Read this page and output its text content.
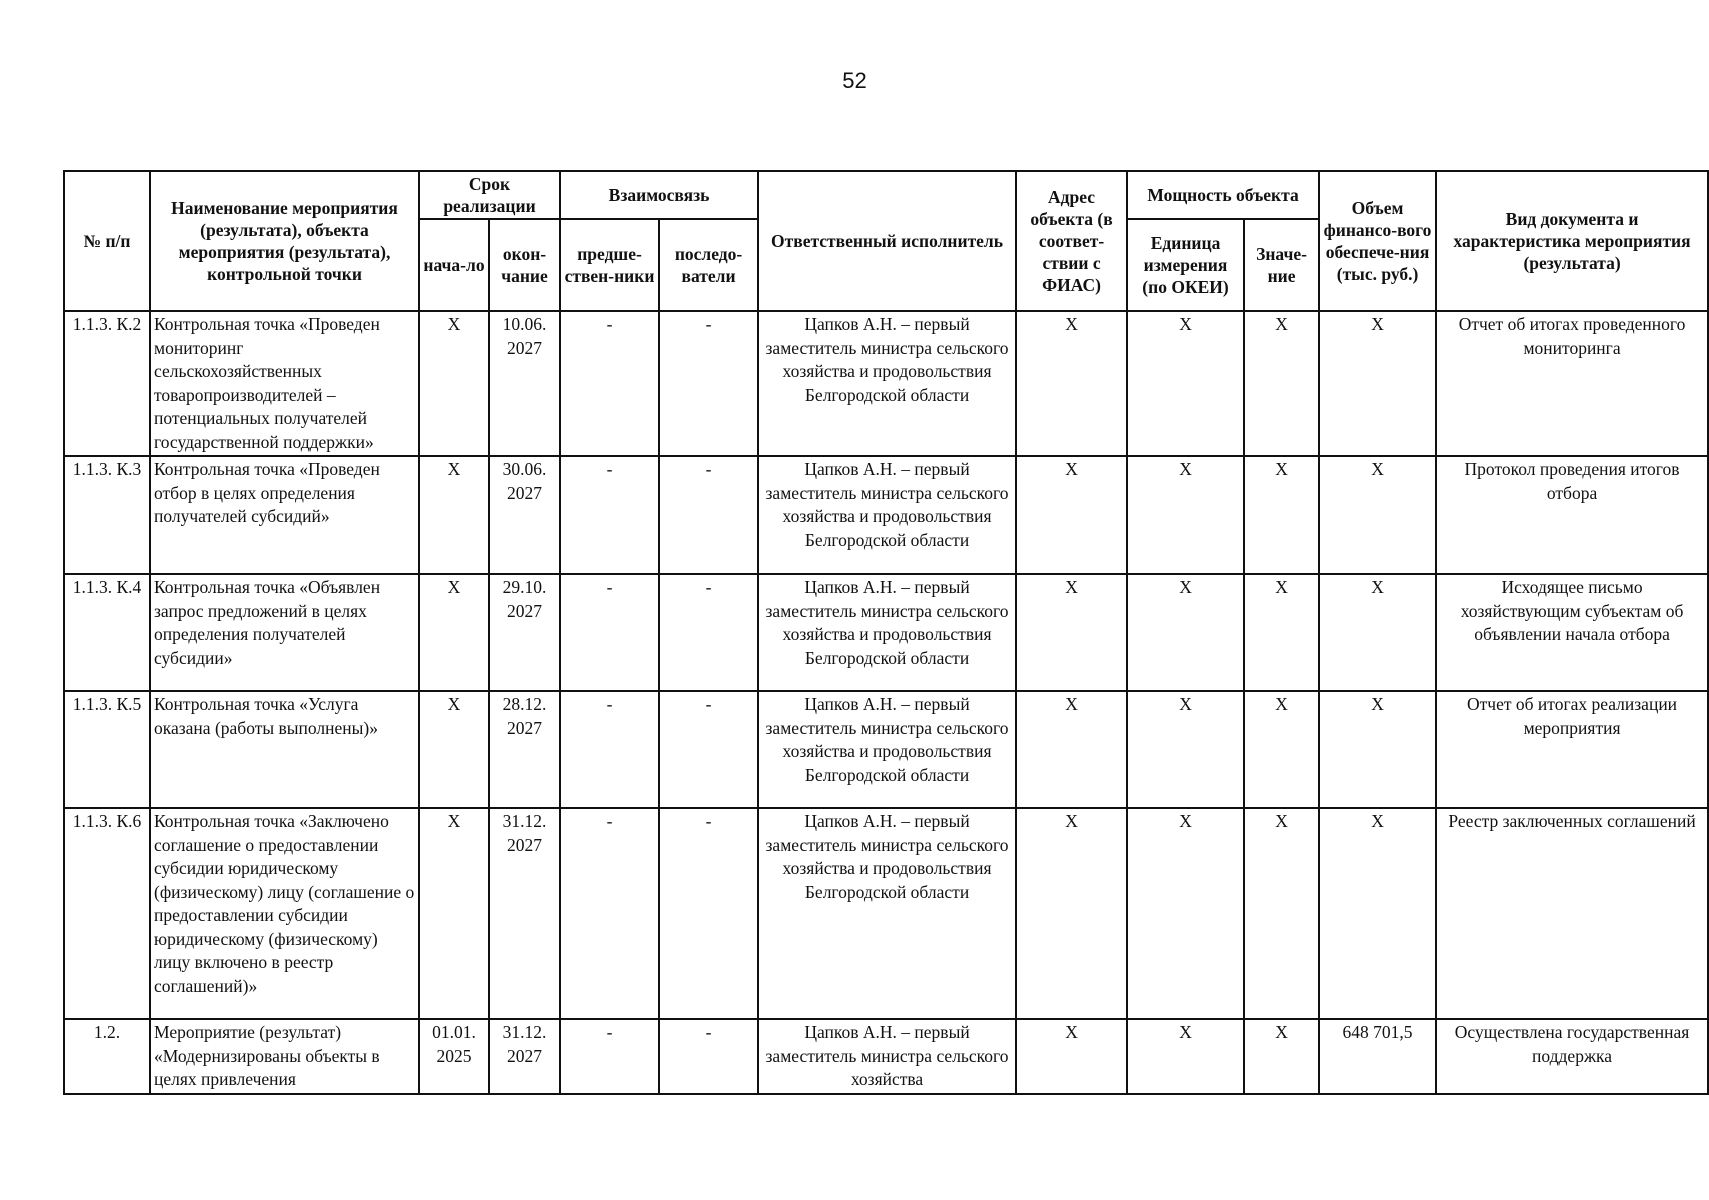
52
№ п/п	Наименование мероприятия (результата), объекта мероприятия (результата), контрольной точки	Срок реализации		Взаимосвязь		Ответственный исполнитель	Адрес объекта (в соответ-ствии с ФИАС)	Мощность объекта		Объем финансо-вого обеспече-ния (тыс. руб.)	Вид документа и характеристика мероприятия (результата)
		нача-ло	окон-чание	предше-ствен-ники	последо-ватели			Единица измерения (по ОКЕИ)	Значе-ние		
1.1.3. К.2	Контрольная точка «Проведен мониторинг сельскохозяйственных товаропроизводителей – потенциальных получателей государственной поддержки»	X	10.06. 2027	-	-	Цапков А.Н. – первый заместитель министра сельского хозяйства и продовольствия Белгородской области	X	X	X	X	Отчет об итогах проведенного мониторинга
1.1.3. К.3	Контрольная точка «Проведен отбор в целях определения получателей субсидий»	X	30.06. 2027	-	-	Цапков А.Н. – первый заместитель министра сельского хозяйства и продовольствия Белгородской области	X	X	X	X	Протокол проведения итогов отбора
1.1.3. К.4	Контрольная точка «Объявлен запрос предложений в целях определения получателей субсидии»	X	29.10. 2027	-	-	Цапков А.Н. – первый заместитель министра сельского хозяйства и продовольствия Белгородской области	X	X	X	X	Исходящее письмо хозяйствующим субъектам об объявлении начала отбора
1.1.3. К.5	Контрольная точка «Услуга оказана (работы выполнены)»	X	28.12. 2027	-	-	Цапков А.Н. – первый заместитель министра сельского хозяйства и продовольствия Белгородской области	X	X	X	X	Отчет об итогах реализации мероприятия
1.1.3. К.6	Контрольная точка «Заключено соглашение о предоставлении субсидии юридическому (физическому) лицу (соглашение о предоставлении субсидии юридическому (физическому) лицу включено в реестр соглашений)»	X	31.12. 2027	-	-	Цапков А.Н. – первый заместитель министра сельского хозяйства и продовольствия Белгородской области	X	X	X	X	Реестр заключенных соглашений
1.2.	Мероприятие (результат) «Модернизированы объекты в целях привлечения	01.01. 2025	31.12. 2027	-	-	Цапков А.Н. – первый заместитель министра сельского хозяйства	X	X	X	648 701,5	Осуществлена государственная поддержка
